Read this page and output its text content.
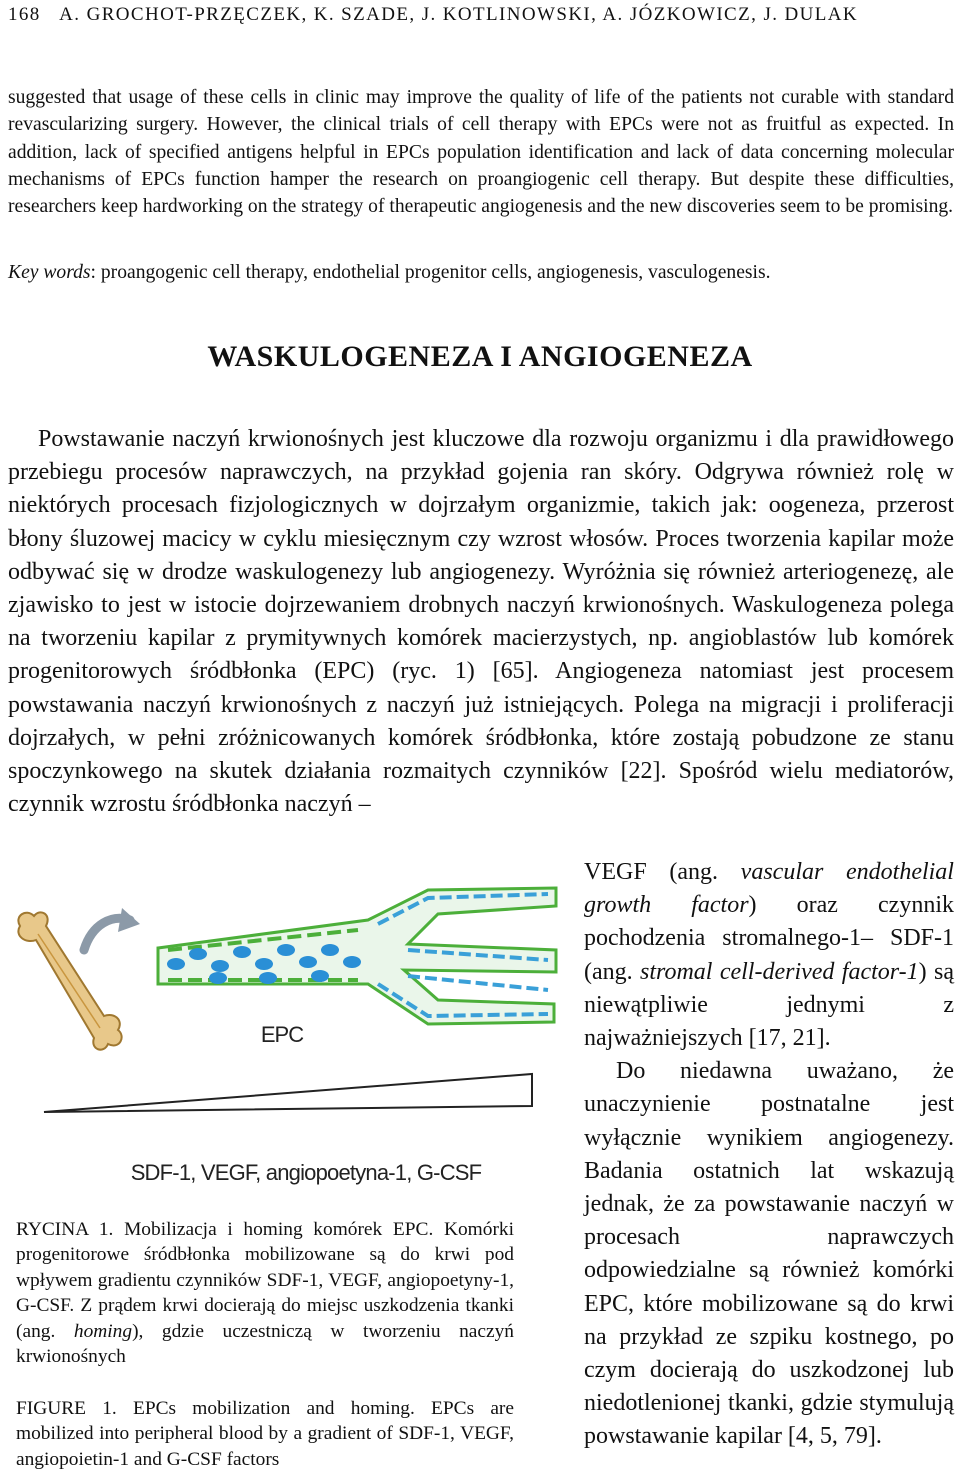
168 A. GROCHOT-PRZĘCZEK, K. SZADE, J. KOTLINOWSKI, A. JÓZKOWICZ, J. DULAK

suggested that usage of these cells in clinic may improve the quality of life of the patients not curable with standard revascularizing surgery. However, the clinical trials of cell therapy with EPCs were not as fruitful as expected. In addition, lack of specified antigens helpful in EPCs population identification and lack of data concerning molecular mechanisms of EPCs function hamper the research on proangiogenic cell therapy. But despite these difficulties, researchers keep hardworking on the strategy of therapeutic angiogenesis and the new discoveries seem to be promising.

Key words: proangogenic cell therapy, endothelial progenitor cells, angiogenesis, vasculogenesis.
WASKULOGENEZA I ANGIOGENEZA

Powstawanie naczyń krwionośnych jest kluczowe dla rozwoju organizmu i dla prawidłowego przebiegu procesów naprawczych, na przykład gojenia ran skóry. Odgrywa również rolę w niektórych procesach fizjologicznych w dojrzałym organizmie, takich jak: oogeneza, przerost błony śluzowej macicy w cyklu miesięcznym czy wzrost włosów. Proces tworzenia kapilar może odbywać się w drodze waskulogenezy lub angiogenezy. Wyróżnia się również arteriogenezę, ale zjawisko to jest w istocie dojrzewaniem drobnych naczyń krwionośnych. Waskulogeneza polega na tworzeniu kapilar z prymitywnych komórek macierzystych, np. angioblastów lub komórek progenitorowych śródbłonka (EPC) (ryc. 1) [65]. Angiogeneza natomiast jest procesem powstawania naczyń krwionośnych z naczyń już istniejących. Polega na migracji i proliferacji dojrzałych, w pełni zróżnicowanych komórek śródbłonka, które zostają pobudzone ze stanu spoczynkowego na skutek działania rozmaitych czynników [22]. Spośród wielu mediatorów, czynnik wzrostu śródbłonka naczyń –

VEGF (ang. vascular endothelial growth factor) oraz czynnik pochodzenia stromalnego-1– SDF-1 (ang. stromal cell-derived factor-1) są niewątpliwie jednymi z najważniejszych [17, 21].

Do niedawna uważano, że unaczynienie postnatalne jest wyłącznie wynikiem angiogenezy. Badania ostatnich lat wskazują jednak, że za powstawanie naczyń w procesach naprawczych odpowiedzialne są również komórki EPC, które mobilizowane są do krwi na przykład ze szpiku kostnego, po czym docierają do uszkodzonej lub niedotlenionej tkanki, gdzie stymulują powstawanie kapilar [4, 5, 79].

EPC
SDF-1, VEGF, angiopoetyna-1, G-CSF
RYCINA 1. Mobilizacja i homing komórek EPC. Komórki progenitorowe śródbłonka mobilizowane są do krwi pod wpływem gradientu czynników SDF-1, VEGF, angiopoetyny-1, G-CSF. Z prądem krwi docierają do miejsc uszkodzenia tkanki (ang. homing), gdzie uczestniczą w tworzeniu naczyń krwionośnych
FIGURE 1. EPCs mobilization and homing. EPCs are mobilized into peripheral blood by a gradient of SDF-1, VEGF, angiopoietin-1 and G-CSF factors
